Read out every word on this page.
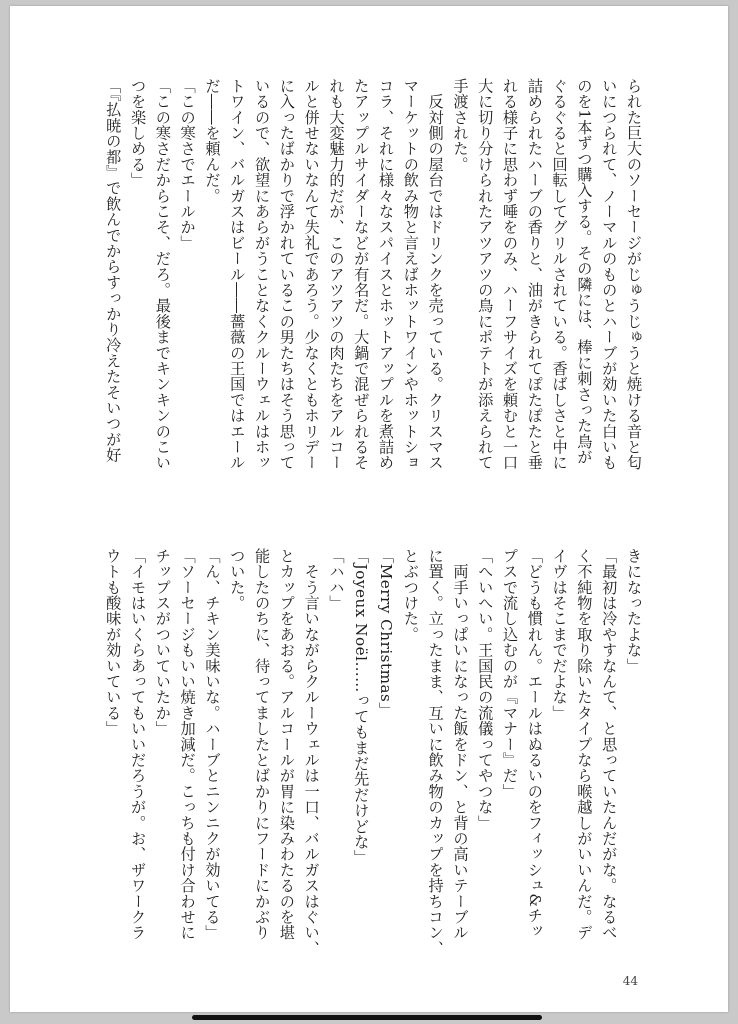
られた巨大のソーセージがじゅうじゅうと焼ける音と匂

いにつられて、ノーマルのものとハーブが効いた白いも

のを1本ずつ購入する。その隣には、棒に刺さった鳥が

ぐるぐると回転してグリルされている。香ばしさと中に

詰められたハーブの香りと、油がきられてぽたぽたと垂

れる様子に思わず唾をのみ、ハーフサイズを頼むと一口

大に切り分けられたアツアツの鳥にポテトが添えられて

手渡された。

　反対側の屋台ではドリンクを売っている。クリスマス

マーケットの飲み物と言えばホットワインやホットショ

コラ、それに様々なスパイスとホットアップルを煮詰め

たアップルサイダーなどが有名だ。大鍋で混ぜられるそ

れも大変魅力的だが、このアツアツの肉たちをアルコー

ルと併せないなんて失礼であろう。少なくともホリデー

に入ったばかりで浮かれているこの男たちはそう思って

いるので、欲望にあらがうことなくクルーウェルはホッ

トワイン、バルガスはビール――薔薇の王国ではエール

だ――を頼んだ。

「この寒さでエールか」

「この寒さだからこそ、だろ。最後までキンキンのこい

つを楽しめる」

「『払暁の都』で飲んでからすっかり冷えたそいつが好

きになったよな」

「最初は冷やすなんて、と思っていたんだがな。なるべ

く不純物を取り除いたタイプなら喉越しがいいんだ。デ

イヴはそこまでだよな」

「どうも慣れん。エールはぬるいのをフィッシュ&チッ

プスで流し込むのが『マナー』だ」

「へいへい。王国民の流儀ってやつな」

　両手いっぱいになった飯をドン、と背の高いテーブル

に置く。立ったまま、互いに飲み物のカップを持ちコン、

とぶつけた。

「Merry Christmas」

「Joyeux Noël……ってもまだ先だけどな」

「ハハ」

　そう言いながらクルーウェルは一口、バルガスはぐい、

とカップをあおる。アルコールが胃に染みわたるのを堪

能したのちに、待ってましたとばかりにフードにかぶり

ついた。

「ん、チキン美味いな。ハーブとニンニクが効いてる」

「ソーセージもいい焼き加減だ。こっちも付け合わせに

チップスがついていたか」

「イモはいくらあってもいいだろうが。お、ザワークラ

ウトも酸味が効いている」

44
